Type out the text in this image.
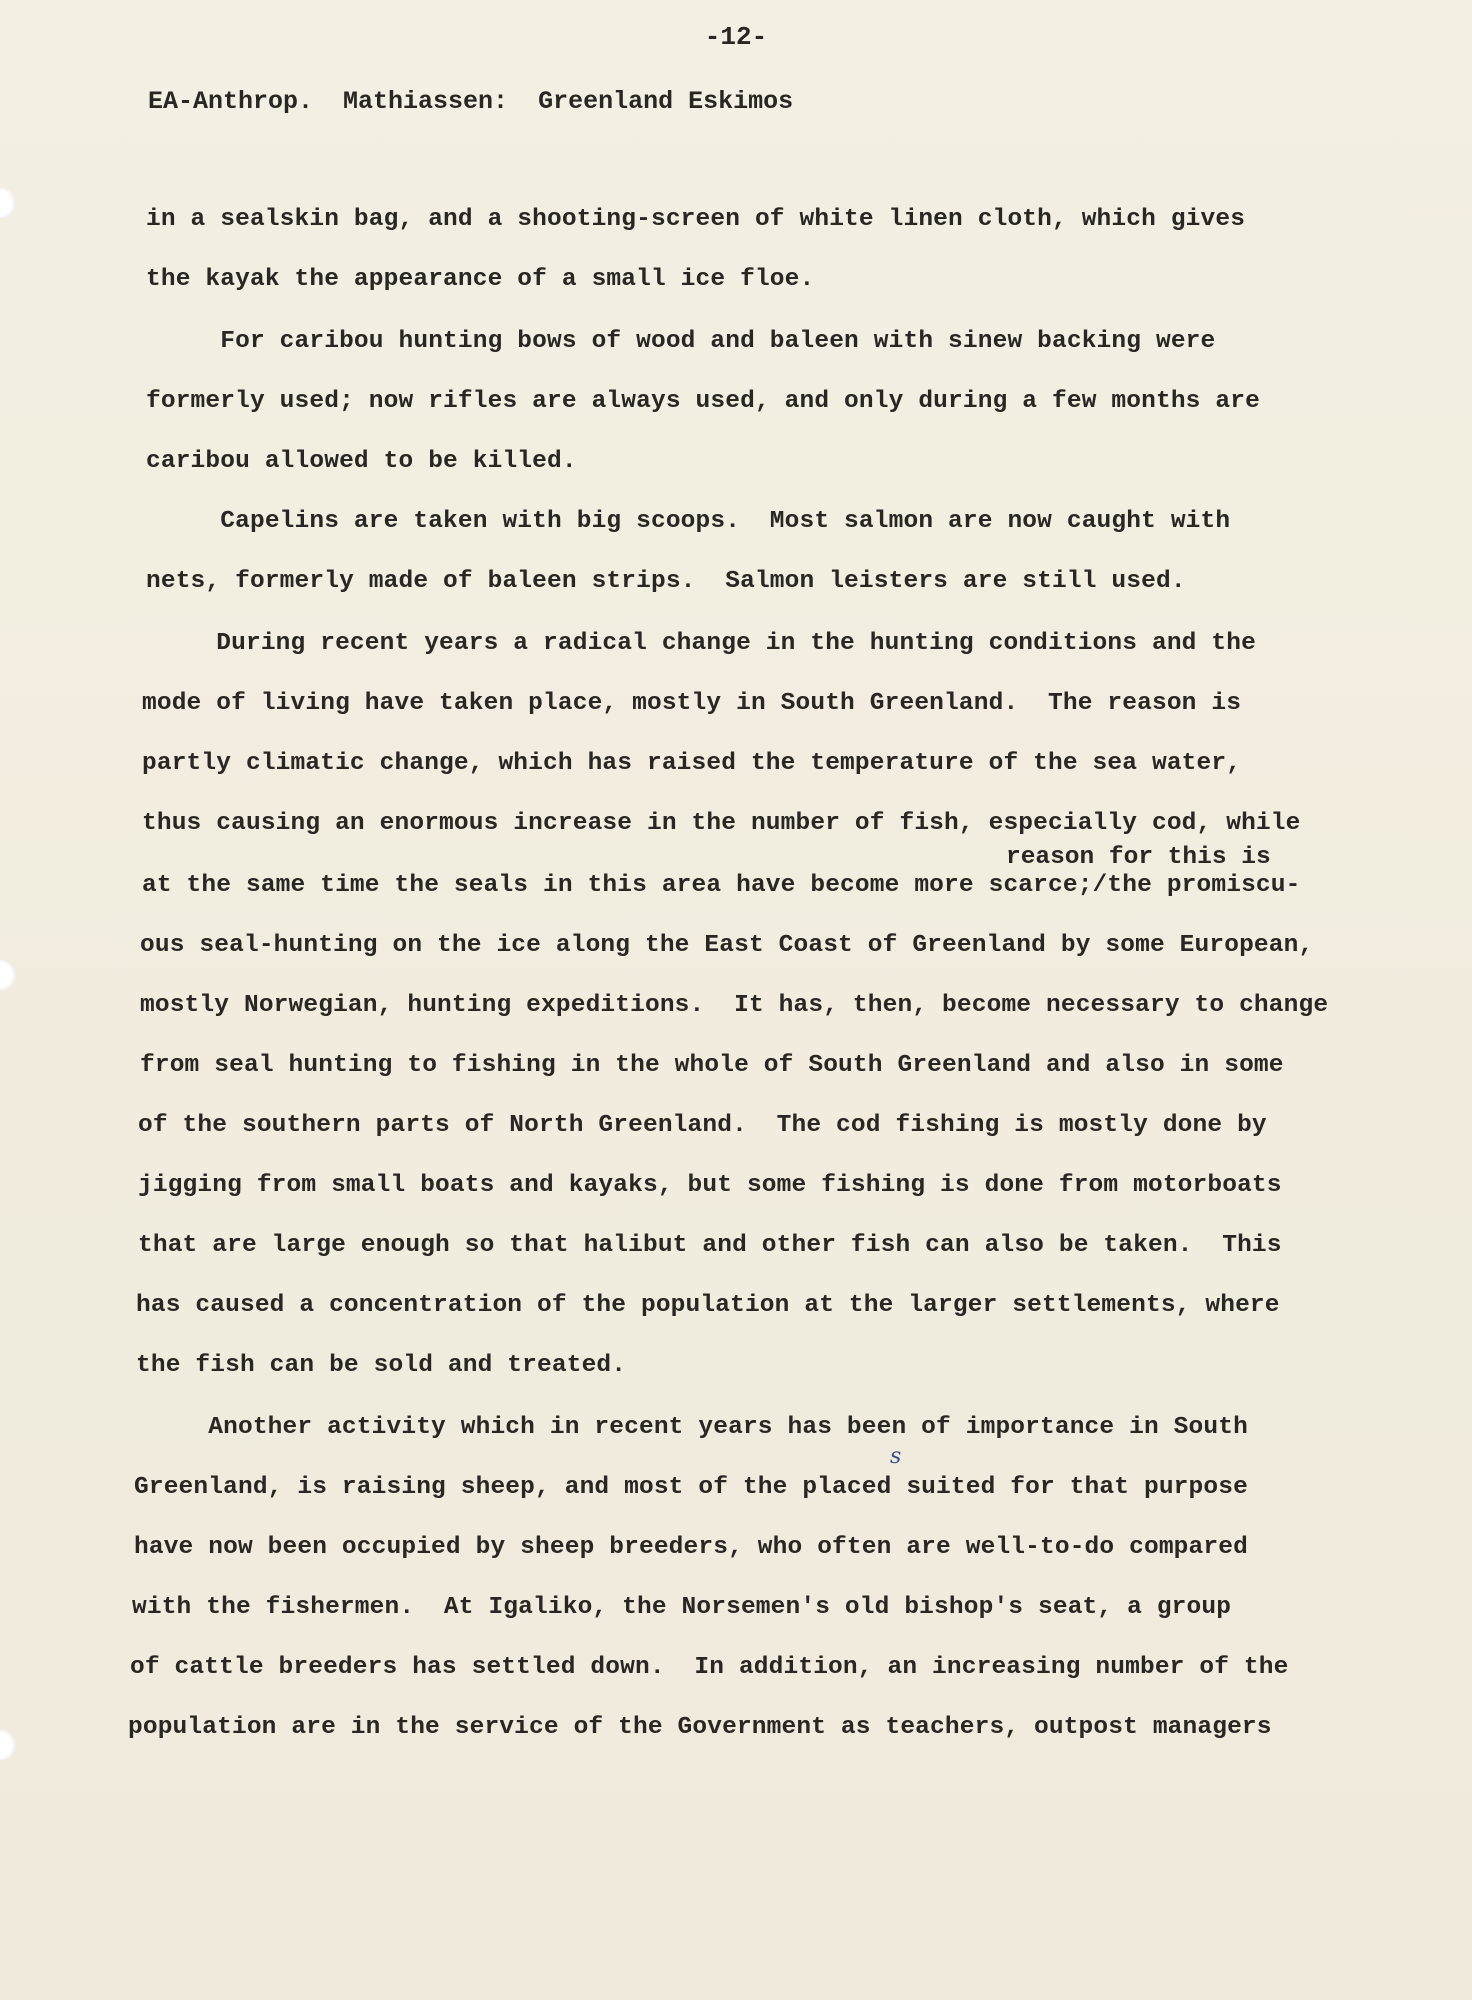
-12-
EA-Anthrop.  Mathiassen:  Greenland Eskimos
in a sealskin bag, and a shooting-screen of white linen cloth, which gives
the kayak the appearance of a small ice floe.
For caribou hunting bows of wood and baleen with sinew backing were
formerly used; now rifles are always used, and only during a few months are
caribou allowed to be killed.
Capelins are taken with big scoops.  Most salmon are now caught with
nets, formerly made of baleen strips.  Salmon leisters are still used.
During recent years a radical change in the hunting conditions and the
mode of living have taken place, mostly in South Greenland.  The reason is
partly climatic change, which has raised the temperature of the sea water,
thus causing an enormous increase in the number of fish, especially cod, while
reason for this is
at the same time the seals in this area have become more scarce;/the promiscu-
ous seal-hunting on the ice along the East Coast of Greenland by some European,
mostly Norwegian, hunting expeditions.  It has, then, become necessary to change
from seal hunting to fishing in the whole of South Greenland and also in some
of the southern parts of North Greenland.  The cod fishing is mostly done by
jigging from small boats and kayaks, but some fishing is done from motorboats
that are large enough so that halibut and other fish can also be taken.  This
has caused a concentration of the population at the larger settlements, where
the fish can be sold and treated.
Another activity which in recent years has been of importance in South
Greenland, is raising sheep, and most of the placed suited for that purpose
s
have now been occupied by sheep breeders, who often are well-to-do compared
with the fishermen.  At Igaliko, the Norsemen's old bishop's seat, a group
of cattle breeders has settled down.  In addition, an increasing number of the
population are in the service of the Government as teachers, outpost managers
